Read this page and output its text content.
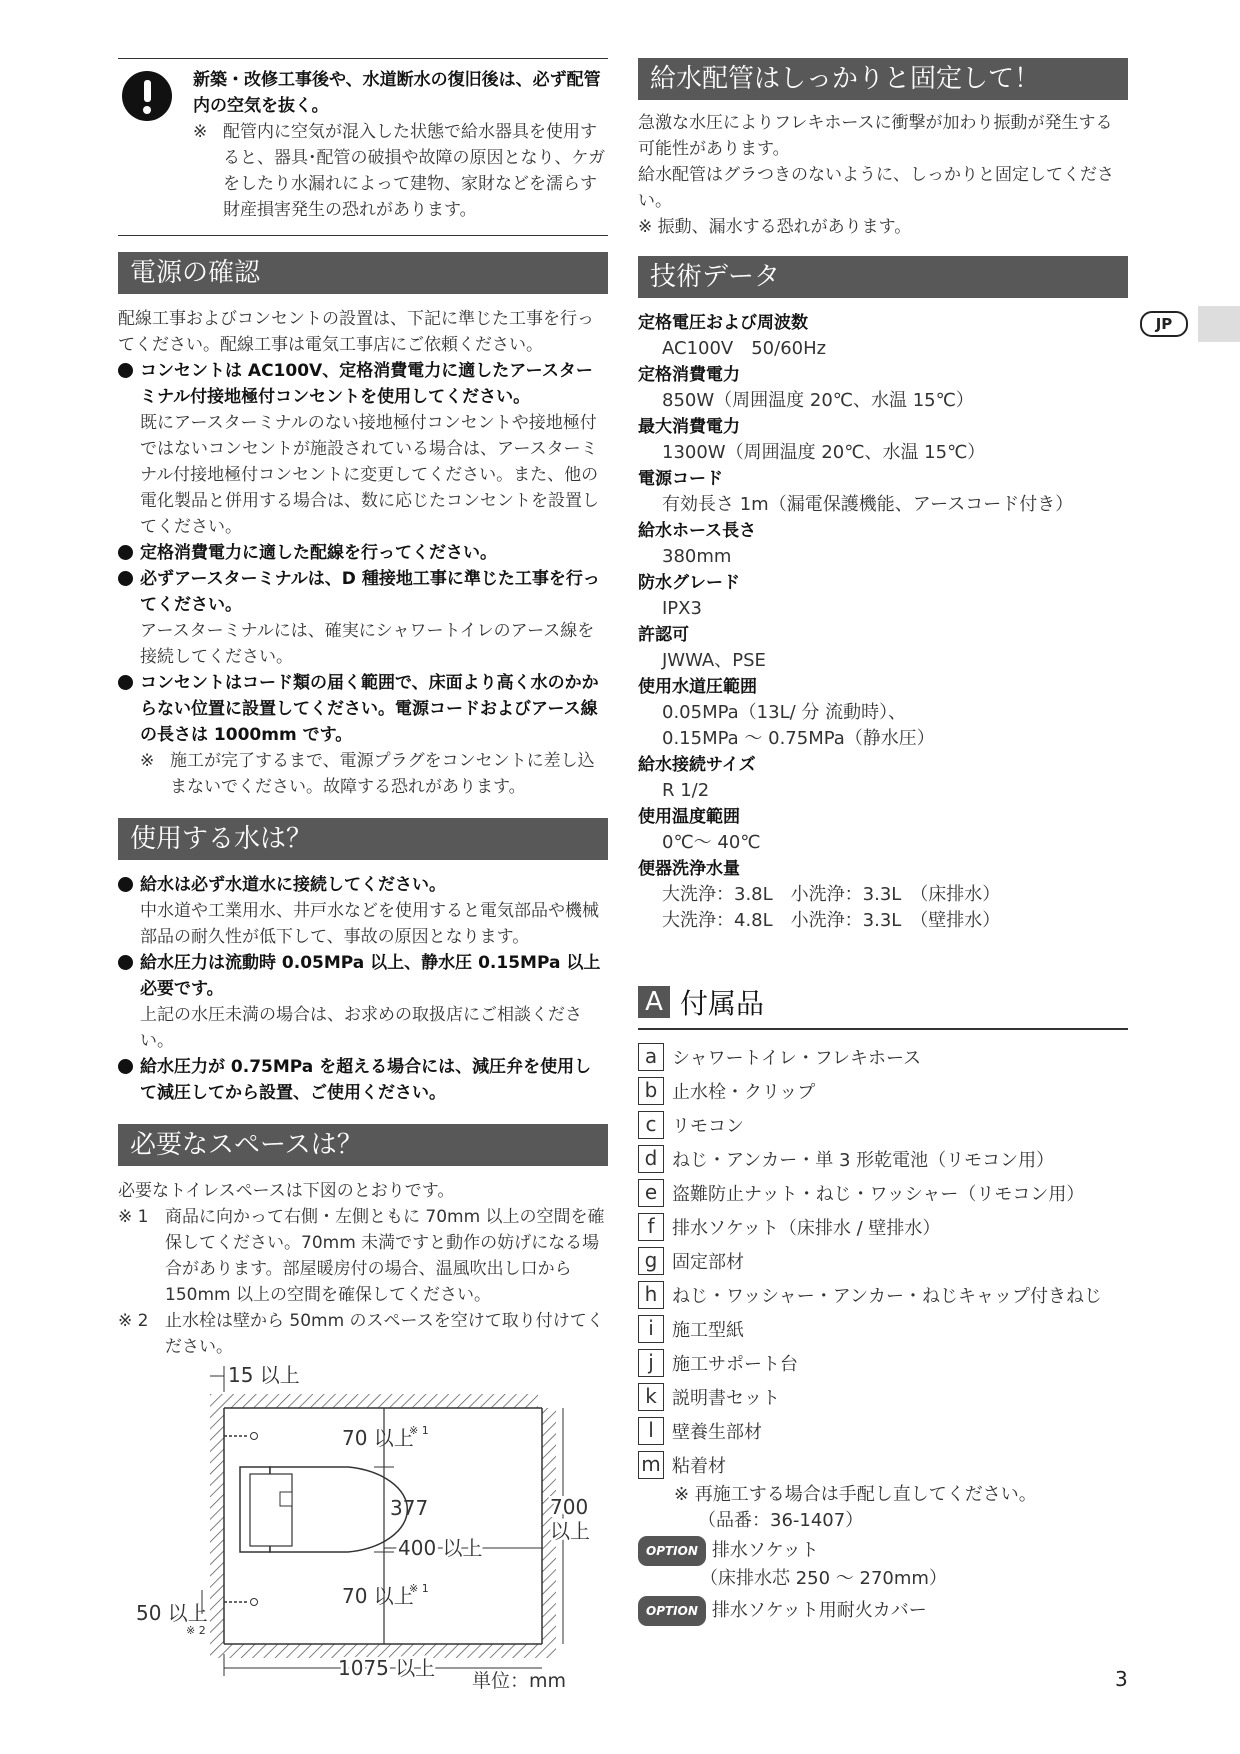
新築・改修工事後や、水道断水の復旧後は、必ず配管内の空気を抜く。

※ 配管内に空気が混入した状態で給水器具を使用すると、器具･配管の破損や故障の原因となり、ケガをしたり水漏れによって建物、家財などを濡らす財産損害発生の恐れがあります。

電源の確認

配線工事およびコンセントの設置は、下記に準じた工事を行ってください。配線工事は電気工事店にご依頼ください。

コンセントは AC100V、定格消費電力に適したアースターミナル付接地極付コンセントを使用してください。

既にアースターミナルのない接地極付コンセントや接地極付ではないコンセントが施設されている場合は、アースターミナル付接地極付コンセントに変更してください。また、他の電化製品と併用する場合は、数に応じたコンセントを設置してください。

定格消費電力に適した配線を行ってください。

必ずアースターミナルは、D 種接地工事に準じた工事を行ってください。

アースターミナルには、確実にシャワートイレのアース線を接続してください。

コンセントはコード類の届く範囲で、床面より高く水のかからない位置に設置してください。電源コードおよびアース線の長さは 1000mm です。

※ 施工が完了するまで、電源プラグをコンセントに差し込まないでください。故障する恐れがあります。

使用する水は？

給水は必ず水道水に接続してください。

中水道や工業用水、井戸水などを使用すると電気部品や機械部品の耐久性が低下して、事故の原因となります。

給水圧力は流動時 0.05MPa 以上、静水圧 0.15MPa 以上必要です。

上記の水圧未満の場合は、お求めの取扱店にご相談ください。

給水圧力が 0.75MPa を超える場合には、減圧弁を使用して減圧してから設置、ご使用ください。

必要なスペースは？

必要なトイレスペースは下図のとおりです。

※ 1 商品に向かって右側・左側ともに 70mm 以上の空間を確保してください。70mm 未満ですと動作の妨げになる場合があります。部屋暖房付の場合、温風吹出し口から 150mm 以上の空間を確保してください。

※ 2 止水栓は壁から 50mm のスペースを空けて取り付けてください。

15 以上
70 以上
※ 1
377
70 以上
※ 1
400 以上
700
以上
50 以上
※ 2
1075 以上
単位：mm
給水配管はしっかりと固定して！

急激な水圧によりフレキホースに衝撃が加わり振動が発生する可能性があります。

給水配管はグラつきのないように、しっかりと固定してください。

※ 振動、漏水する恐れがあります。

技術データ
定格電圧および周波数
AC100V　50/60Hz
定格消費電力
850W（周囲温度 20℃、水温 15℃）
最大消費電力
1300W（周囲温度 20℃、水温 15℃）
電源コード
有効長さ 1m（漏電保護機能、アースコード付き）
給水ホース長さ
380mm
防水グレード
IPX3
許認可
JWWA、PSE
使用水道圧範囲
0.05MPa（13L/ 分 流動時）、
0.15MPa ～ 0.75MPa（静水圧）
給水接続サイズ
R 1/2
使用温度範囲
0℃～ 40℃
便器洗浄水量
大洗浄：3.8L　小洗浄：3.3L　（床排水）
大洗浄：4.8L　小洗浄：3.3L　（壁排水）
A 付属品
a シャワートイレ・フレキホース
b 止水栓・クリップ
c リモコン
d ねじ・アンカー・単 3 形乾電池（リモコン用）
e 盗難防止ナット・ねじ・ワッシャー（リモコン用）
f 排水ソケット（床排水 / 壁排水）
g 固定部材
h ねじ・ワッシャー・アンカー・ねじキャップ付きねじ
i	施工型紙
j	施工サポート台
k 説明書セット
l	壁養生部材
m 粘着材

※ 再施工する場合は手配し直してください。

（品番：36-1407）

OPTION 排水ソケット

（床排水芯 250 ～ 270mm）

OPTION 排水ソケット用耐火カバー

JP
3
